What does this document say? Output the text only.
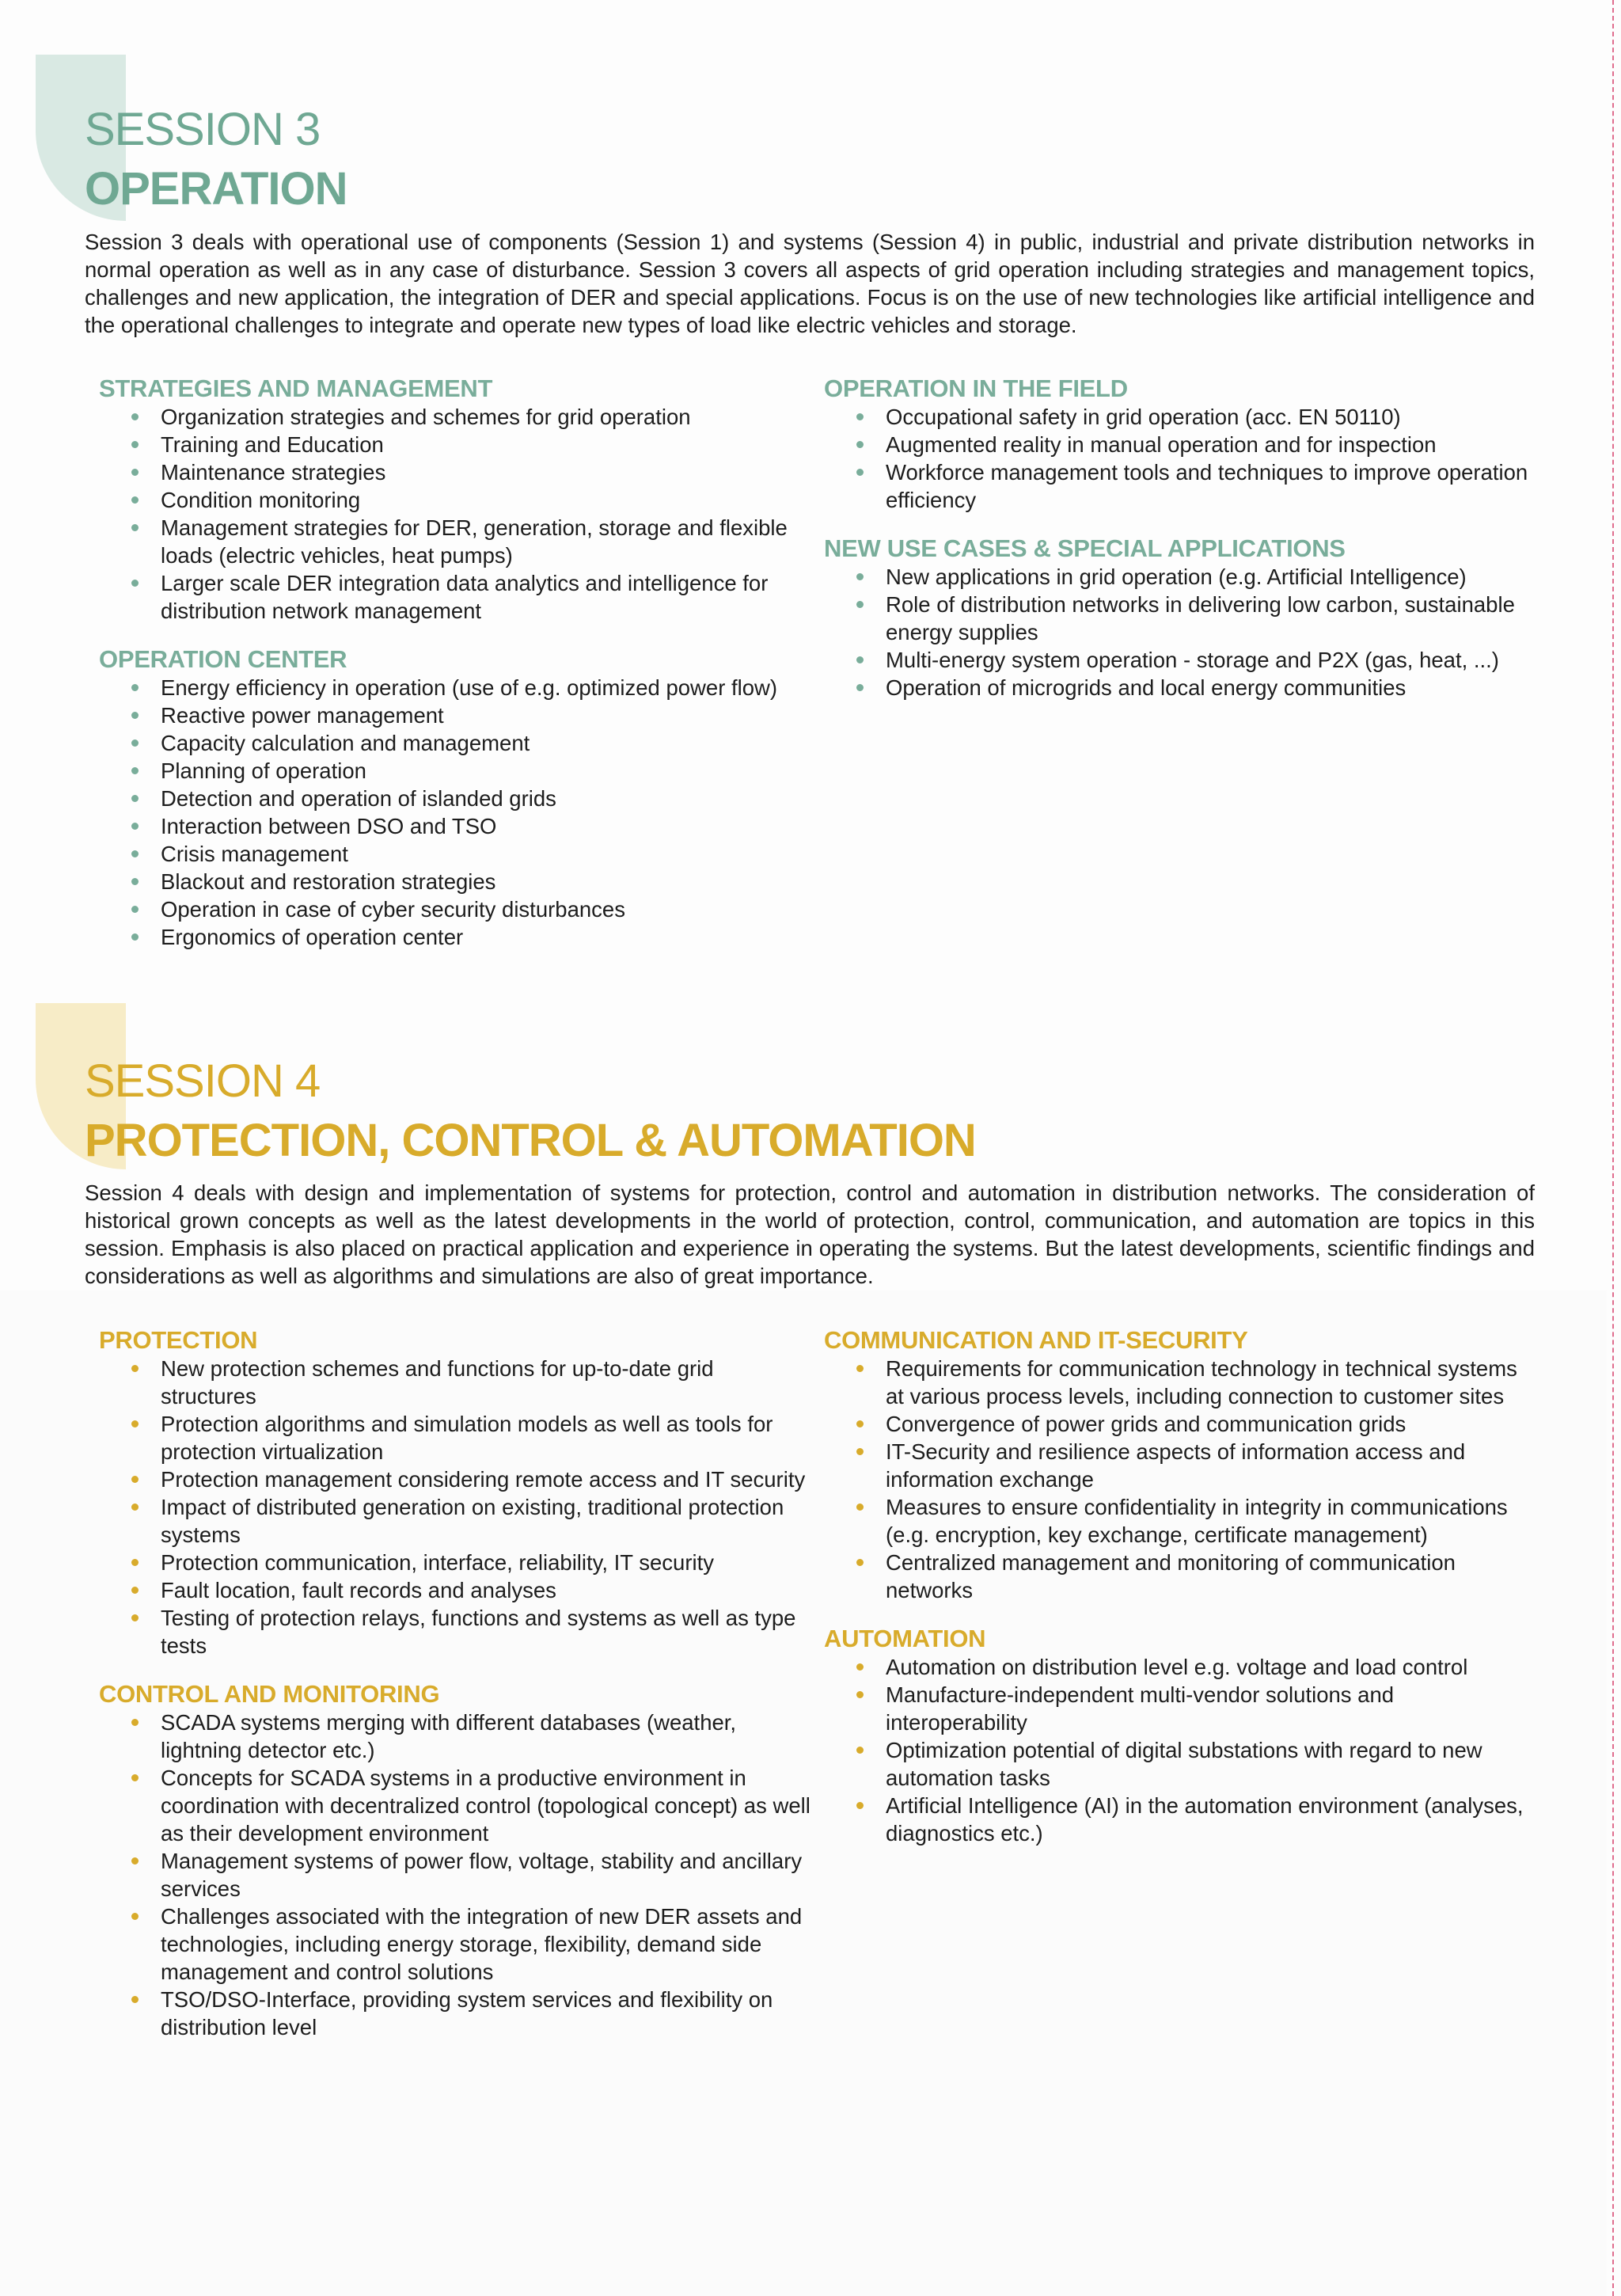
SESSION 3
OPERATION

Session 3 deals with operational use of components (Session 1) and systems (Session 4) in public, industrial and private distribution networks in normal operation as well as in any case of disturbance. Session 3 covers all aspects of grid operation including strategies and management topics, challenges and new application, the integration of DER and special applications. Focus is on the use of new technologies like artificial intelligence and the operational challenges to integrate and operate new types of load like electric vehicles and storage.

STRATEGIES AND MANAGEMENT
Organization strategies and schemes for grid operation
Training and Education
Maintenance strategies
Condition monitoring
Management strategies for DER, generation, storage and flexible loads (electric vehicles, heat pumps)
Larger scale DER integration data analytics and intelligence for distribution network management
OPERATION CENTER
Energy efficiency in operation (use of e.g. optimized power flow)
Reactive power management
Capacity calculation and management
Planning of operation
Detection and operation of islanded grids
Interaction between DSO and TSO
Crisis management
Blackout and restoration strategies
Operation in case of cyber security disturbances
Ergonomics of operation center
OPERATION IN THE FIELD
Occupational safety in grid operation (acc. EN 50110)
Augmented reality in manual operation and for inspection
Workforce management tools and techniques to improve operation efficiency
NEW USE CASES & SPECIAL APPLICATIONS
New applications in grid operation (e.g. Artificial Intelligence)
Role of distribution networks in delivering low carbon, sustainable energy supplies
Multi-energy system operation - storage and P2X (gas, heat, ...)
Operation of microgrids and local energy communities
SESSION 4
PROTECTION, CONTROL & AUTOMATION

Session 4 deals with design and implementation of systems for protection, control and automation in distribution networks. The consideration of historical grown concepts as well as the latest developments in the world of protection, control, communication, and automation are topics in this session. Emphasis is also placed on practical application and experience in operating the systems. But the latest developments, scientific findings and considerations as well as algorithms and simulations are also of great importance.

PROTECTION
New protection schemes and functions for up-to-date grid structures
Protection algorithms and simulation models as well as tools for protection virtualization
Protection management considering remote access and IT security
Impact of distributed generation on existing, traditional protection systems
Protection communication, interface, reliability, IT security
Fault location, fault records and analyses
Testing of protection relays, functions and systems as well as type tests
CONTROL AND MONITORING
SCADA systems merging with different databases (weather, lightning detector etc.)
Concepts for SCADA systems in a productive environment in coordination with decentralized control (topological concept) as well as their development environment
Management systems of power flow, voltage, stability and ancillary services
Challenges associated with the integration of new DER assets and technologies, including energy storage, flexibility, demand side management and control solutions
TSO/DSO-Interface, providing system services and flexibility on distribution level
COMMUNICATION AND IT-SECURITY
Requirements for communication technology in technical systems at various process levels, including connection to customer sites
Convergence of power grids and communication grids
IT-Security and resilience aspects of information access and information exchange
Measures to ensure confidentiality in integrity in communications (e.g. encryption, key exchange, certificate management)
Centralized management and monitoring of communication networks
AUTOMATION
Automation on distribution level e.g. voltage and load control
Manufacture-independent multi-vendor solutions and interoperability
Optimization potential of digital substations with regard to new automation tasks
Artificial Intelligence (AI) in the automation environment (analyses, diagnostics etc.)
